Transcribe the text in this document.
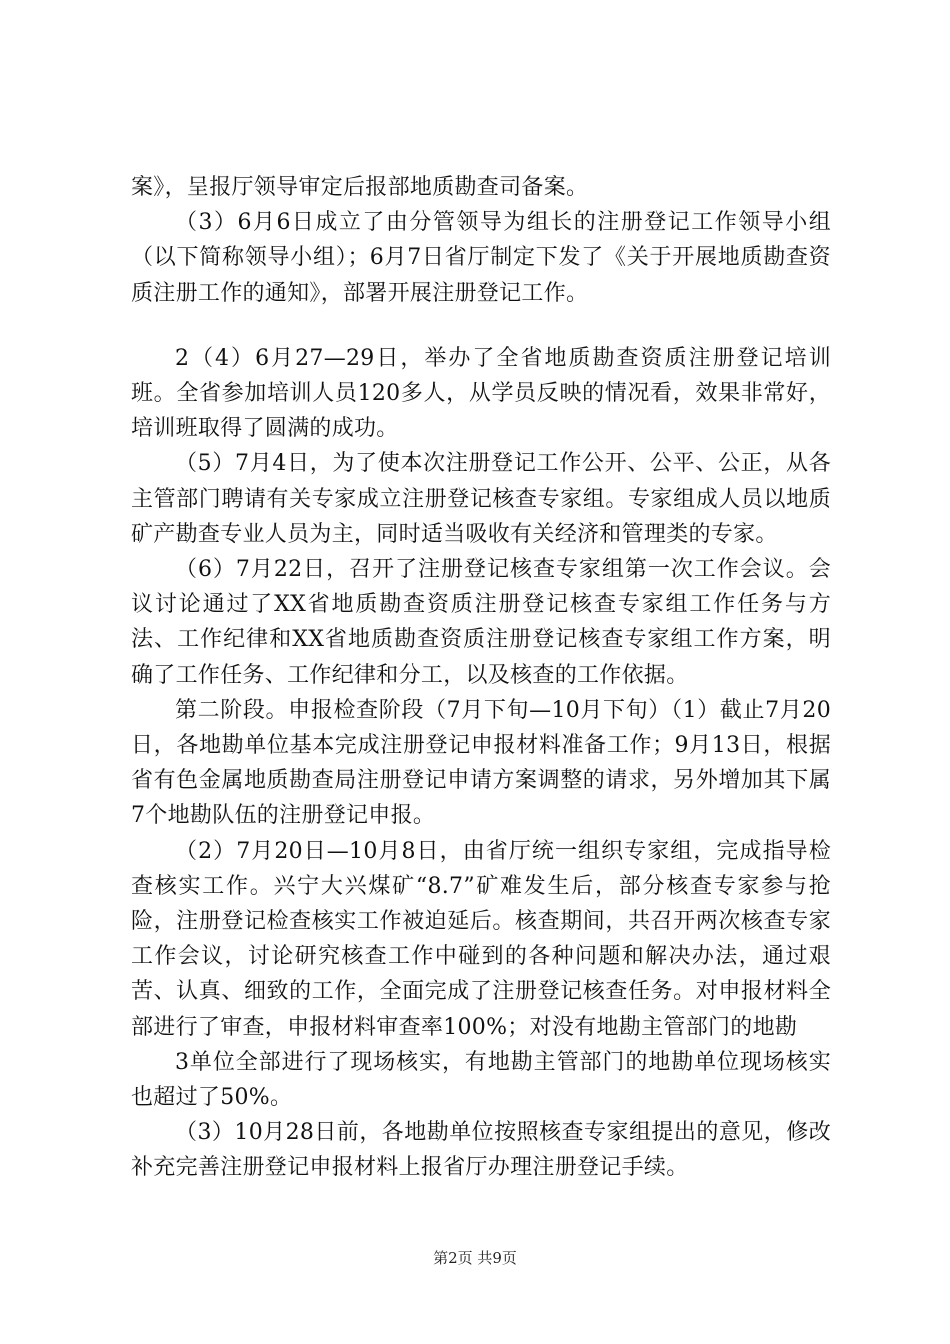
案》，呈报厅领导审定后报部地质勘查司备案。

（3）6月6日成立了由分管领导为组长的注册登记工作领导小组（以下简称领导小组）；6月7日省厅制定下发了《关于开展地质勘查资质注册工作的通知》，部署开展注册登记工作。

2（4）6月27—29日，举办了全省地质勘查资质注册登记培训班。全省参加培训人员120多人，从学员反映的情况看，效果非常好，培训班取得了圆满的成功。

（5）7月4日，为了使本次注册登记工作公开、公平、公正，从各主管部门聘请有关专家成立注册登记核查专家组。专家组成人员以地质矿产勘查专业人员为主，同时适当吸收有关经济和管理类的专家。

（6）7月22日，召开了注册登记核查专家组第一次工作会议。会议讨论通过了XX省地质勘查资质注册登记核查专家组工作任务与方法、工作纪律和XX省地质勘查资质注册登记核查专家组工作方案，明确了工作任务、工作纪律和分工，以及核查的工作依据。

第二阶段。申报检查阶段（7月下旬—10月下旬）（1）截止7月20日，各地勘单位基本完成注册登记申报材料准备工作；9月13日，根据省有色金属地质勘查局注册登记申请方案调整的请求，另外增加其下属7个地勘队伍的注册登记申报。

（2）7月20日—10月8日，由省厅统一组织专家组，完成指导检查核实工作。兴宁大兴煤矿“8.7”矿难发生后，部分核查专家参与抢险，注册登记检查核实工作被迫延后。核查期间，共召开两次核查专家工作会议，讨论研究核查工作中碰到的各种问题和解决办法，通过艰苦、认真、细致的工作，全面完成了注册登记核查任务。对申报材料全部进行了审查，申报材料审查率100%；对没有地勘主管部门的地勘

3单位全部进行了现场核实，有地勘主管部门的地勘单位现场核实也超过了50%。

（3）10月28日前，各地勘单位按照核查专家组提出的意见，修改补充完善注册登记申报材料上报省厅办理注册登记手续。

第2页 共9页
